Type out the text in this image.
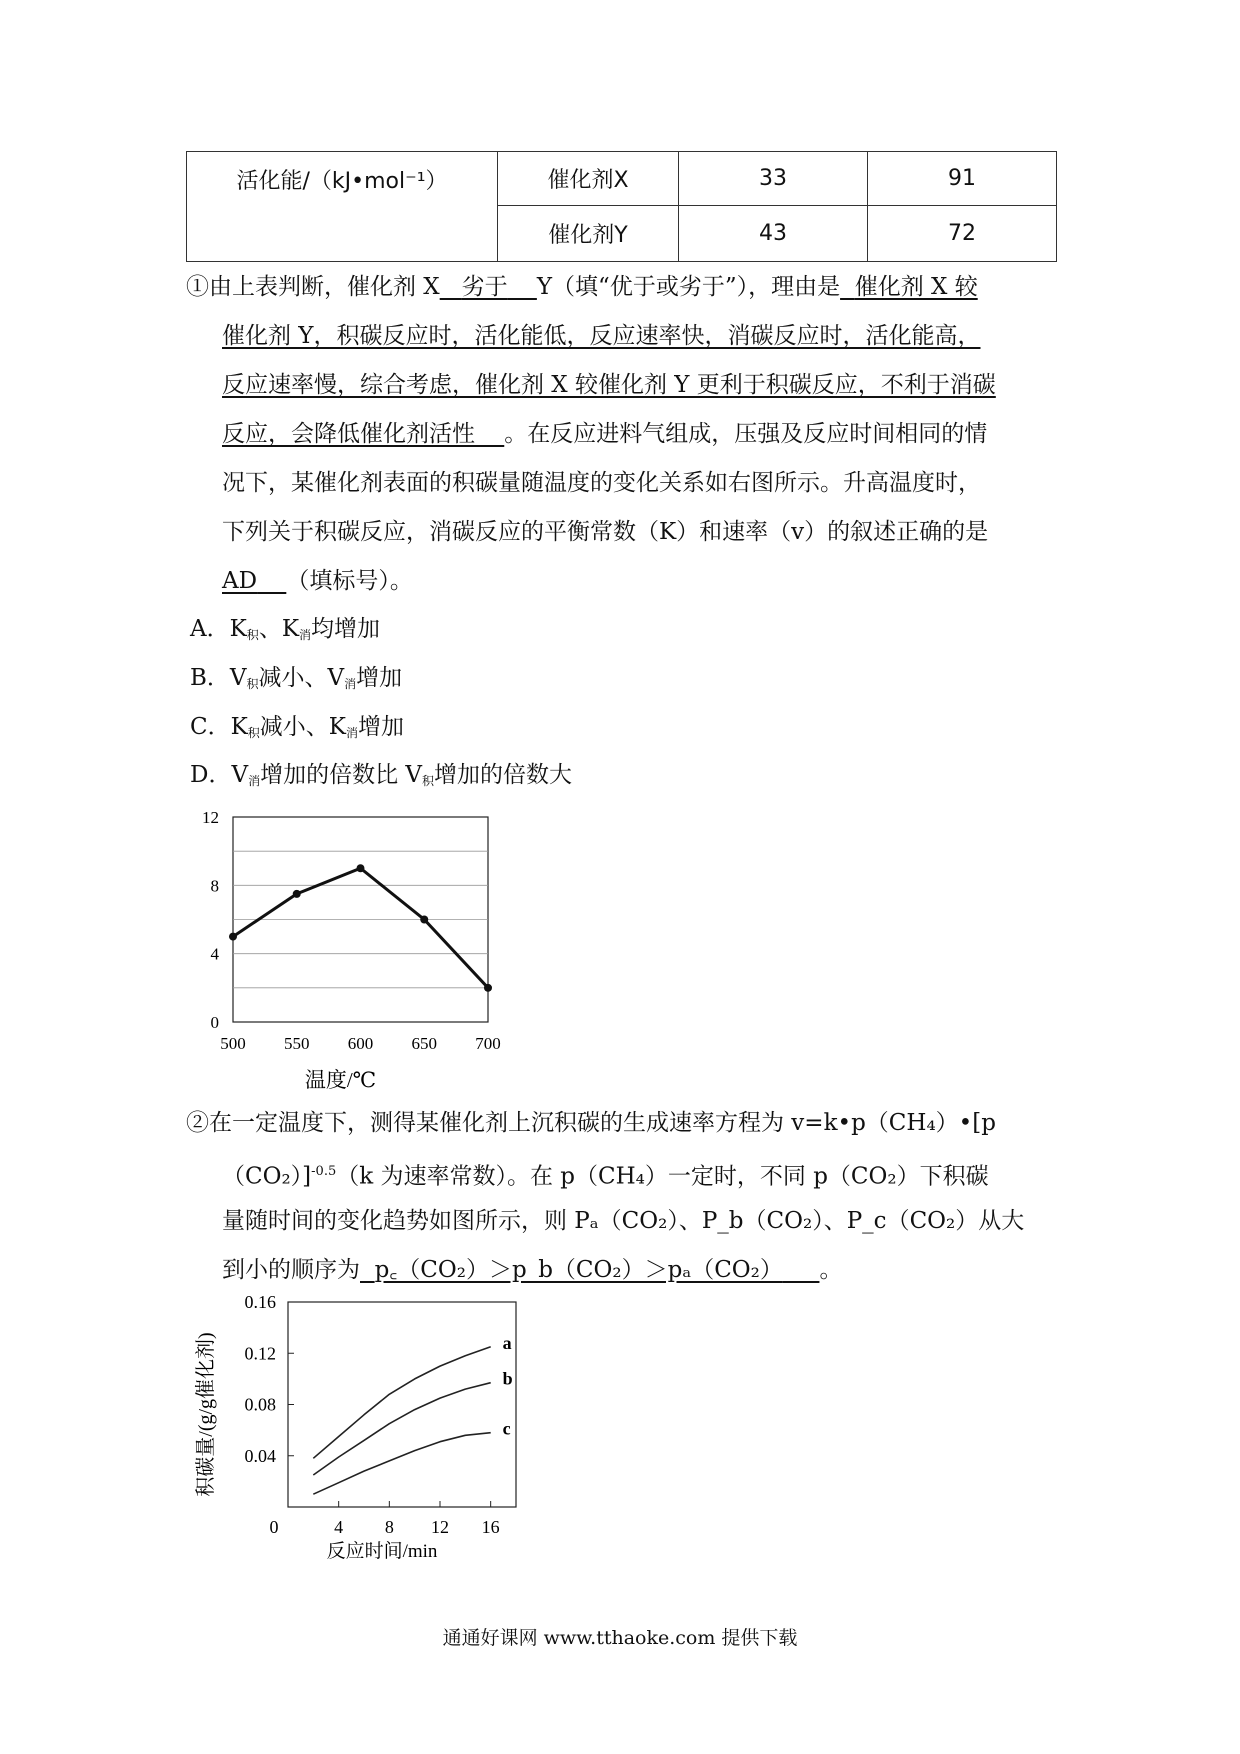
活化能/（kJ•mol⁻¹）	催化剂X	33	91
	催化剂Y	43	72
①由上表判断，催化剂 X 劣于 Y（填“优于或劣于”），理由是 催化剂 X 较
催化剂 Y，积碳反应时，活化能低，反应速率快，消碳反应时，活化能高，
反应速率慢，综合考虑，催化剂 X 较催化剂 Y 更利于积碳反应，不利于消碳
反应，会降低催化剂活性 。在反应进料气组成，压强及反应时间相同的情
况下，某催化剂表面的积碳量随温度的变化关系如右图所示。升高温度时，
下列关于积碳反应，消碳反应的平衡常数（K）和速率（v）的叙述正确的是
AD （填标号）。
A．$K_积$、$K_消$均增加
B．$V_积$减小、$V_消$增加
C．$K_积$减小、$K_消$增加
D．$V_消$增加的倍数比 $V_积$增加的倍数大
0
4
8
12
500 550 600 650 700
温度/℃
②在一定温度下，测得某催化剂上沉积碳的生成速率方程为 v=k•p（CH₄）•[p
（CO₂）]$^{-0.5}$（k 为速率常数）。在 p（CH₄）一定时，不同 p（CO₂）下积碳
量随时间的变化趋势如图所示，则 Pₐ（CO₂）、P_b（CO₂）、P_c（CO₂）从大
到小的顺序为 p꜀（CO₂）＞p_b（CO₂）＞pₐ（CO₂） 。
0.04
0.08
0.12
0.16
0	4 8 12 16
a
b
c
反应时间/min
积碳量/(g/g催化剂)
通通好课网 www.tthaoke.com 提供下载
